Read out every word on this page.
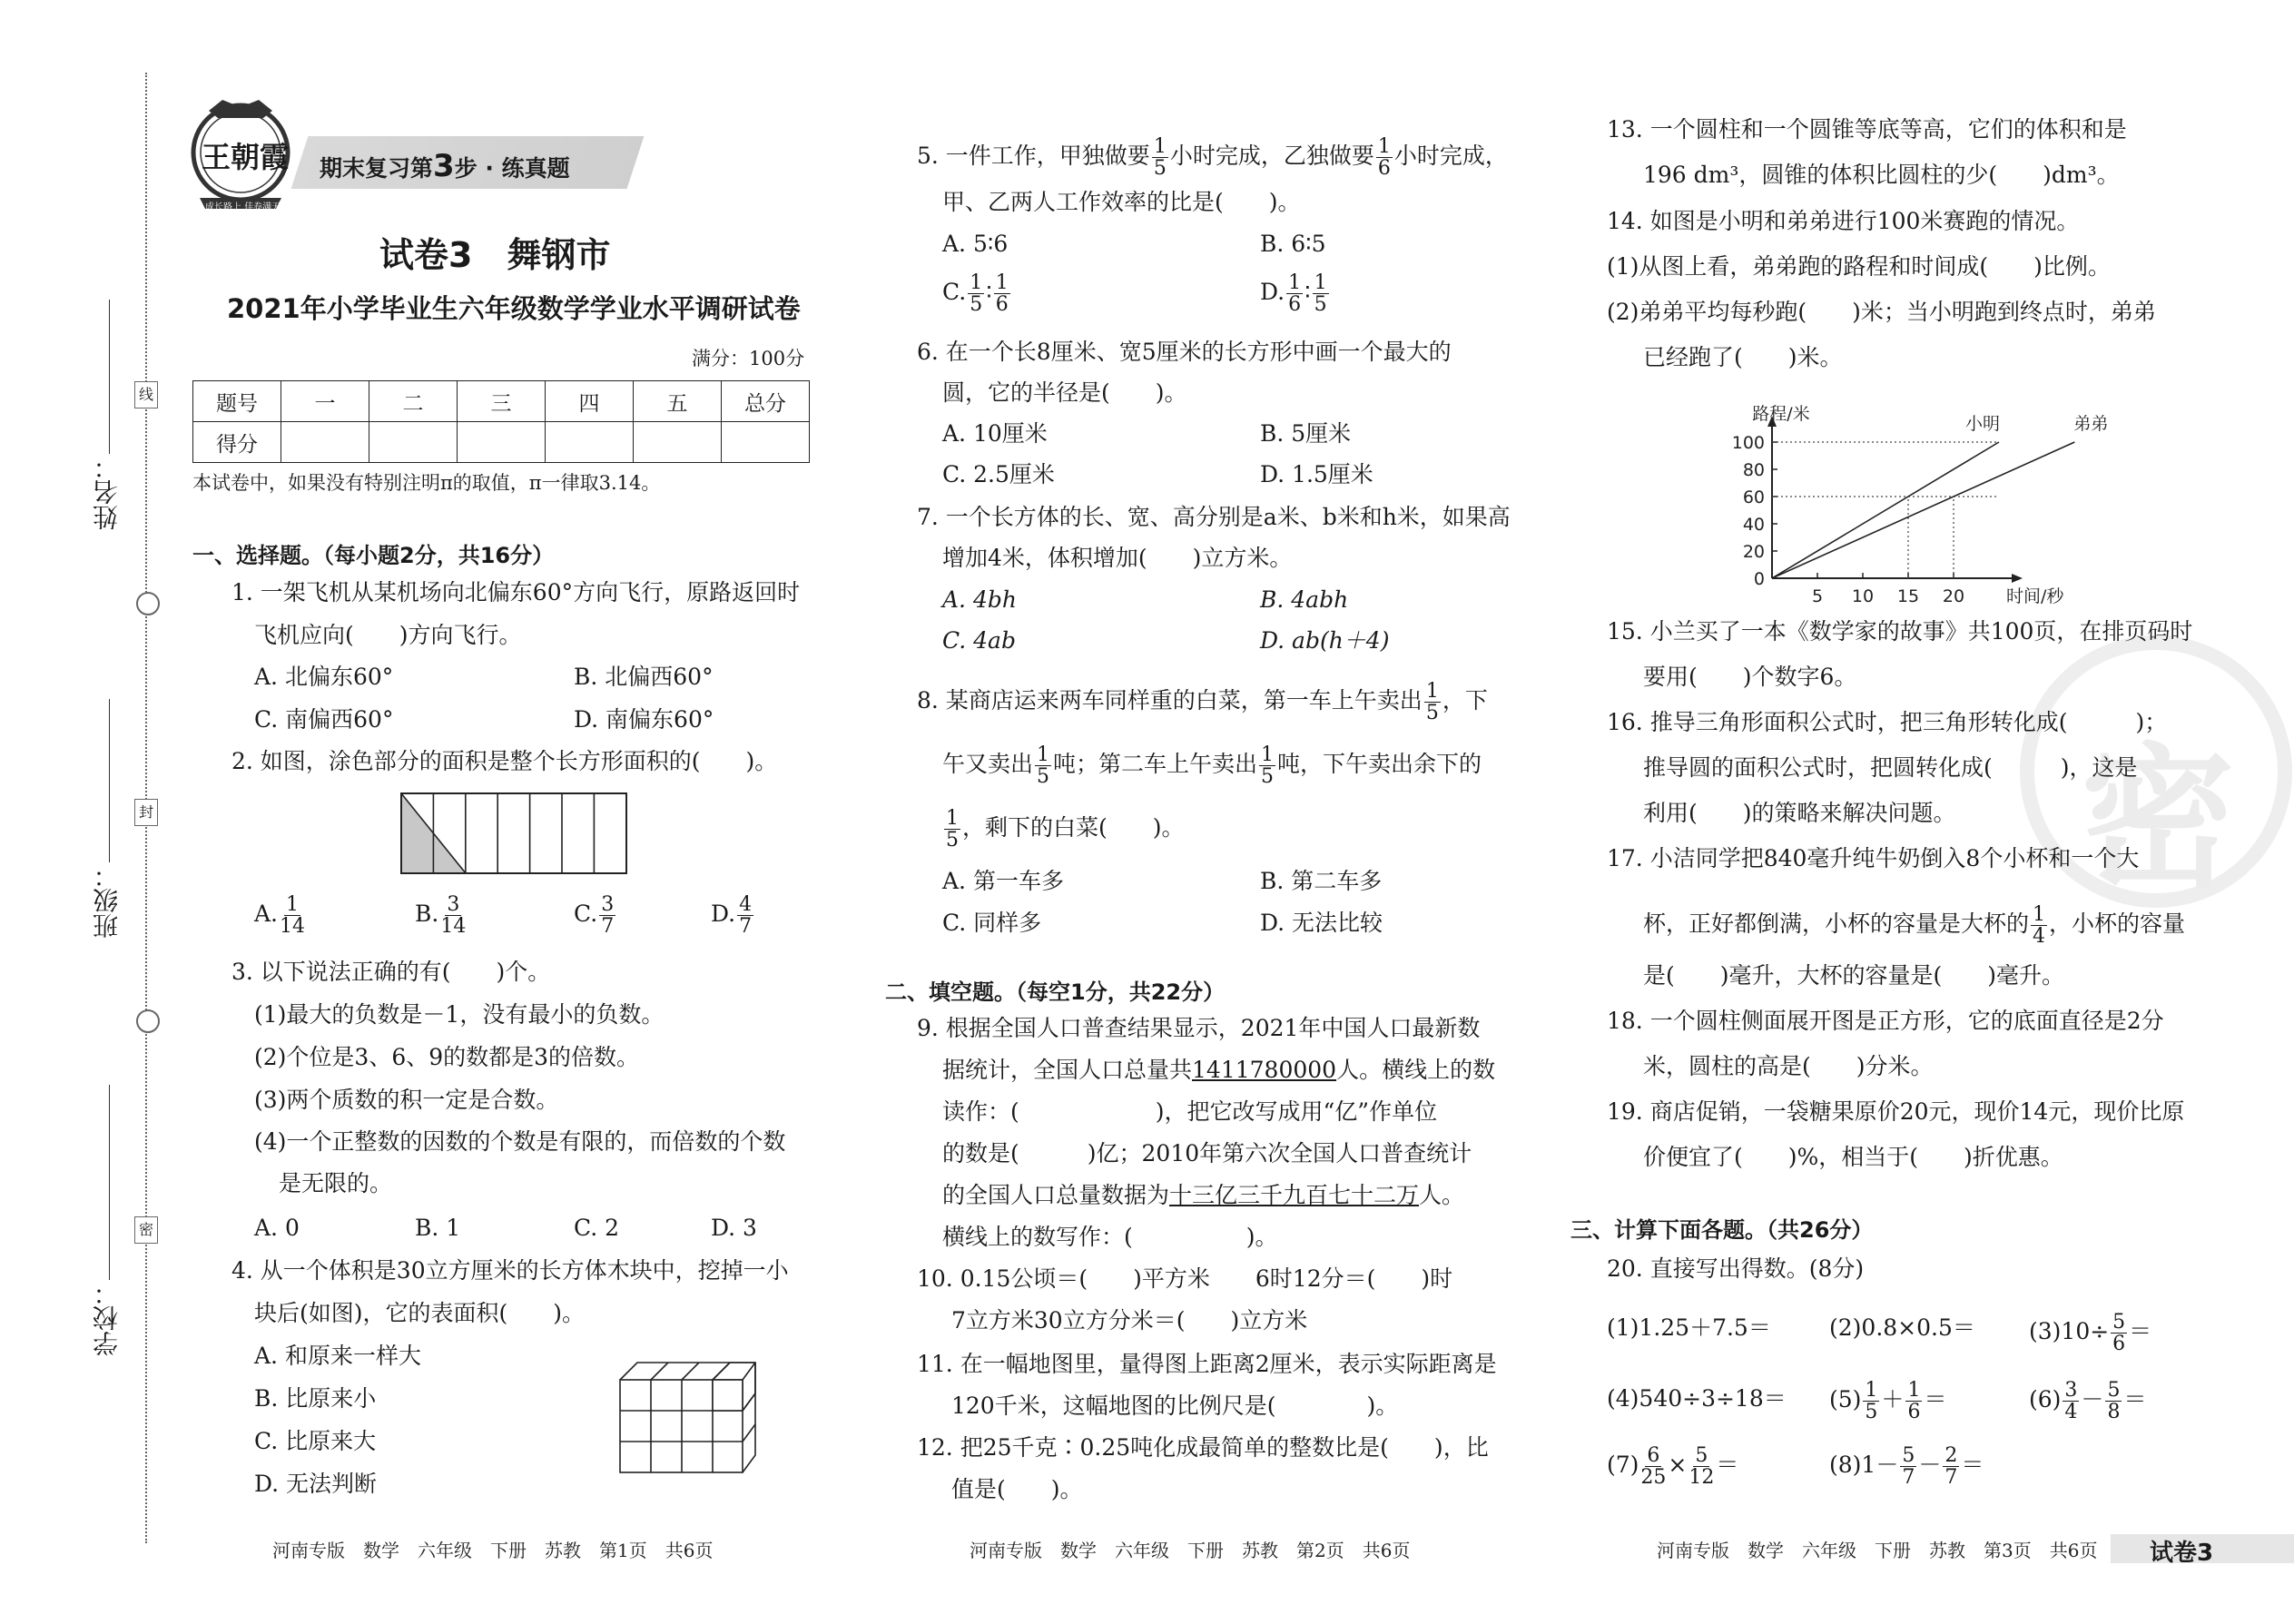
线
封
密
姓名：
班级：
学校：
王朝霞
成长路上 佳卷满天
期末复习第3步 · 练真题
试卷3　舞钢市
2021年小学毕业生六年级数学学业水平调研试卷
满分：100分
题号	一	二	三	四	五	总分
得分						
本试卷中，如果没有特别注明π的取值，π一律取3.14。
一、选择题。（每小题2分，共16分）
1. 一架飞机从某机场向北偏东60°方向飞行，原路返回时
飞机应向(　　)方向飞行。
A. 北偏东60°	B. 北偏西60°
C. 南偏西60°	D. 南偏东60°
2. 如图，涂色部分的面积是整个长方形面积的(　　)。
A. $\frac{1}{14}$	B. $\frac{3}{14}$	C. $\frac{3}{7}$	D. $\frac{4}{7}$
3. 以下说法正确的有(　　)个。
(1)最大的负数是－1，没有最小的负数。
(2)个位是3、6、9的数都是3的倍数。
(3)两个质数的积一定是合数。
(4)一个正整数的因数的个数是有限的，而倍数的个数
是无限的。
A. 0	B. 1	C. 2	D. 3
4. 从一个体积是30立方厘米的长方体木块中，挖掉一小
块后(如图)，它的表面积(　　)。
A. 和原来一样大
B. 比原来小
C. 比原来大
D. 无法判断
河南专版　数学　六年级　下册　苏教　第1页　共6页
5. 一件工作，甲独做要 $\frac{1}{5}$ 小时完成，乙独做要 $\frac{1}{6}$ 小时完成，
甲、乙两人工作效率的比是(　　)。
A. 5∶6	B. 6∶5
C. $\frac{1}{5}$ ∶ $\frac{1}{6}$	D. $\frac{1}{6}$ ∶ $\frac{1}{5}$
6. 在一个长8厘米、宽5厘米的长方形中画一个最大的
圆，它的半径是(　　)。
A. 10厘米	B. 5厘米
C. 2.5厘米	D. 1.5厘米
7. 一个长方体的长、宽、高分别是a米、b米和h米，如果高
增加4米，体积增加(　　)立方米。
A. 4bh	B. 4abh
C. 4ab	D. ab(h＋4)
8. 某商店运来两车同样重的白菜，第一车上午卖出 $\frac{1}{5}$ ，下
午又卖出 $\frac{1}{5}$ 吨；第二车上午卖出 $\frac{1}{5}$ 吨，下午卖出余下的
$\frac{1}{5}$ ，剩下的白菜(　　)。
A. 第一车多	B. 第二车多
C. 同样多	D. 无法比较
二、填空题。（每空1分，共22分）
9. 根据全国人口普查结果显示，2021年中国人口最新数
据统计，全国人口总量共1411780000人。横线上的数
读作：(　　　　　　)，把它改写成用“亿”作单位
的数是(　　　)亿；2010年第六次全国人口普查统计
的全国人口总量数据为十三亿三千九百七十二万人。
横线上的数写作：(　　　　　)。
10. 0.15公顷＝(　　)平方米　　6时12分＝(　　)时
7立方米30立方分米＝(　　)立方米
11. 在一幅地图里，量得图上距离2厘米，表示实际距离是
120千米，这幅地图的比例尺是(　　　　)。
12. 把25千克∶0.25吨化成最简单的整数比是(　　)，比
值是(　　)。
河南专版　数学　六年级　下册　苏教　第2页　共6页
密
13. 一个圆柱和一个圆锥等底等高，它们的体积和是
196 dm³，圆锥的体积比圆柱的少(　　)dm³。
14. 如图是小明和弟弟进行100米赛跑的情况。
(1)从图上看，弟弟跑的路程和时间成(　　)比例。
(2)弟弟平均每秒跑(　　)米；当小明跑到终点时，弟弟
已经跑了(　　)米。
0
20
40
60
80
100
5 10 15 20
小明	弟弟
路程/米
时间/秒
15. 小兰买了一本《数学家的故事》共100页，在排页码时
要用(　　)个数字6。
16. 推导三角形面积公式时，把三角形转化成(　　　)；
推导圆的面积公式时，把圆转化成(　　　)，这是
利用(　　)的策略来解决问题。
17. 小洁同学把840毫升纯牛奶倒入8个小杯和一个大
杯，正好都倒满，小杯的容量是大杯的 $\frac{1}{4}$ ，小杯的容量
是(　　)毫升，大杯的容量是(　　)毫升。
18. 一个圆柱侧面展开图是正方形，它的底面直径是2分
米，圆柱的高是(　　)分米。
19. 商店促销，一袋糖果原价20元，现价14元，现价比原
价便宜了(　　)%，相当于(　　)折优惠。
三、计算下面各题。（共26分）
20. 直接写出得数。(8分)
(1)1.25＋7.5＝	$(2)0.8\times 0.5= (3)10\div \frac{5}{6}$ ＝
$(4)540\div 3\div 18= (5) \frac{1}{5} + \frac{1}{6}$ ＝	$(6) \frac{3}{4} - \frac{5}{8}$ ＝
$(7) \frac{6}{25} \times \frac{5}{12}$ ＝	$(8)1- \frac{5}{7} - \frac{2}{7}$ ＝
河南专版　数学　六年级　下册　苏教　第3页　共6页 试卷3
